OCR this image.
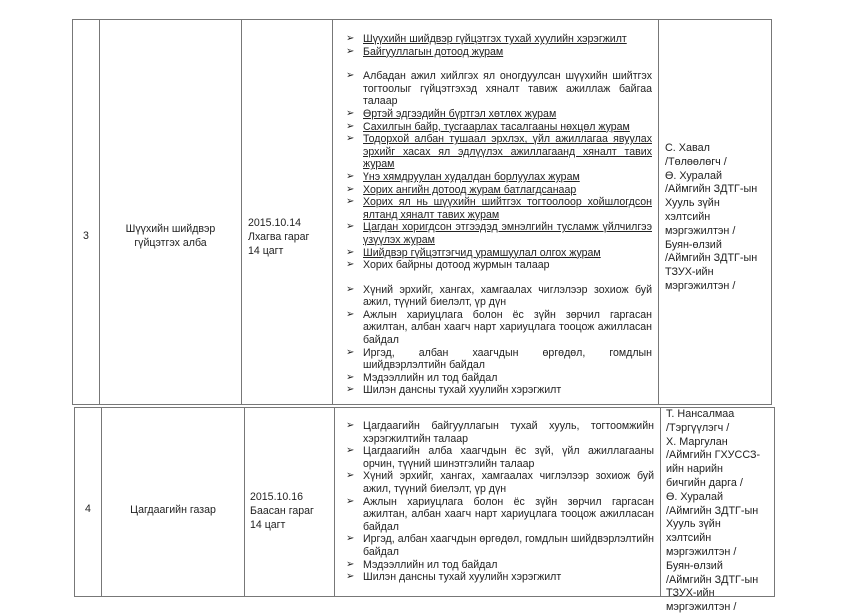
3
Шүүхийн шийдвэр
гүйцэтгэх алба
2015.10.14
Лхагва гараг
14 цагт
➢ Шүүхийн шийдвэр гүйцэтгэх тухай хуулийн хэрэгжилт
➢ Байгууллагын дотоод журам
➢ Албадан ажил хийлгэх ял оногдуулсан шүүхийн шийтгэх тогтоолыг гүйцэтгэхэд хяналт тавиж ажиллаж байгаа талаар
➢ Өртэй эдгээдийн бүртгэл хөтлөх журам
➢ Сахилгын байр, тусгаарлах тасалгааны нөхцөл журам
➢ Тодорхой албан тушаал эрхлэх, үйл ажиллагаа явуулах эрхийг хасах ял эдлүүлэх ажиллагаанд хяналт тавих журам
➢ Үнэ хямдруулан худалдан борлуулах журам
➢ Хорих ангийн дотоод журам батлагдсанаар
➢ Хорих ял нь шүүхийн шийтгэх тогтоолоор хойшлогдсон ялтанд хяналт тавих журам
➢ Цагдан хоригдсон этгээдэд эмнэлгийн тусламж үйлчилгээ үзүүлэх журам
➢ Шийдвэр гүйцэтгэгчид урамшуулал олгох журам
➢ Хорих байрны дотоод журмын талаар
➢ Хүний эрхийг, хангах, хамгаалах чиглэлээр зохиож буй ажил, түүний биелэлт, үр дүн
➢ Ажлын хариуцлага болон ёс зүйн зөрчил гаргасан ажилтан, албан хаагч нарт хариуцлага тооцож ажилласан байдал
➢ Иргэд, албан хаагчдын өргөдөл, гомдлын шийдвэрлэлтийн байдал
➢ Мэдээллийн ил тод байдал
➢ Шилэн дансны тухай хуулийн хэрэгжилт
С. Хавал
/Төлөөлөгч /
Ө. Хуралай
/Аймгийн ЗДТГ-ын
Хууль зүйн
хэлтсийн
мэргэжилтэн /
Буян-өлзий
/Аймгийн ЗДТГ-ын
ТЗУХ-ийн
мэргэжилтэн /
4	Цагдаагийн газар
2015.10.16
Баасан гараг
14 цагт
➢ Цагдаагийн байгууллагын тухай хууль, тогтоомжийн хэрэгжилтийн талаар
➢ Цагдаагийн алба хаагчдын ёс зүй, үйл ажиллагааны орчин, түүний шинэтгэлийн талаар
➢ Хүний эрхийг, хангах, хамгаалах чиглэлээр зохиож буй ажил, түүний биелэлт, үр дүн
➢ Ажлын хариуцлага болон ёс зүйн зөрчил гаргасан ажилтан, албан хаагч нарт хариуцлага тооцож ажилласан байдал
➢ Иргэд, албан хаагчдын өргөдөл, гомдлын шийдвэрлэлтийн байдал
➢ Мэдээллийн ил тод байдал
➢ Шилэн дансны тухай хуулийн хэрэгжилт
Т. Нансалмаа
/Тэргүүлэгч /
Х. Маргулан
/Аймгийн ГХУССЗ-
ийн нарийн
бичгийн дарга /
Ө. Хуралай
/Аймгийн ЗДТГ-ын
Хууль зүйн
хэлтсийн
мэргэжилтэн /
Буян-өлзий
/Аймгийн ЗДТГ-ын
ТЗУХ-ийн
мэргэжилтэн /
